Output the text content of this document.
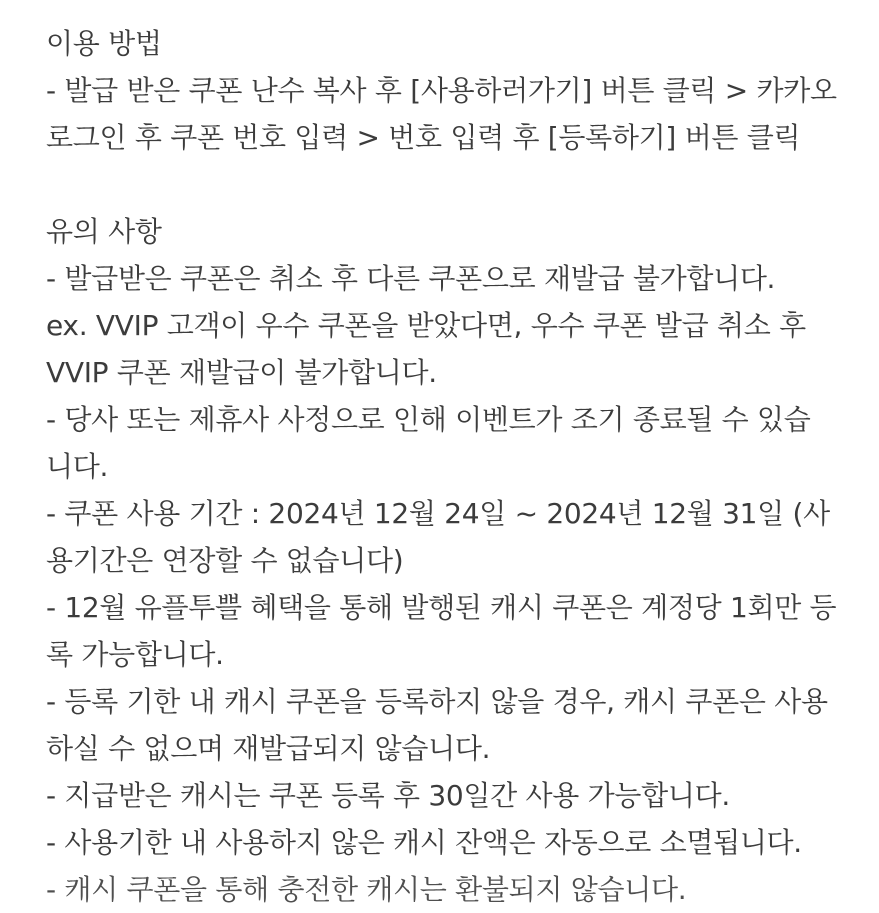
이용 방법

- 발급 받은 쿠폰 난수 복사 후 [사용하러가기] 버튼 클릭 > 카카오

로그인 후 쿠폰 번호 입력 > 번호 입력 후 [등록하기] 버튼 클릭

유의 사항

- 발급받은 쿠폰은 취소 후 다른 쿠폰으로 재발급 불가합니다.

ex. VVIP 고객이 우수 쿠폰을 받았다면, 우수 쿠폰 발급 취소 후

VVIP 쿠폰 재발급이 불가합니다.

- 당사 또는 제휴사 사정으로 인해 이벤트가 조기 종료될 수 있습

니다.

- 쿠폰 사용 기간 : 2024년 12월 24일 ~ 2024년 12월 31일 (사

용기간은 연장할 수 없습니다)

- 12월 유플투쁠 혜택을 통해 발행된 캐시 쿠폰은 계정당 1회만 등

록 가능합니다.

- 등록 기한 내 캐시 쿠폰을 등록하지 않을 경우, 캐시 쿠폰은 사용

하실 수 없으며 재발급되지 않습니다.

- 지급받은 캐시는 쿠폰 등록 후 30일간 사용 가능합니다.

- 사용기한 내 사용하지 않은 캐시 잔액은 자동으로 소멸됩니다.

- 캐시 쿠폰을 통해 충전한 캐시는 환불되지 않습니다.
